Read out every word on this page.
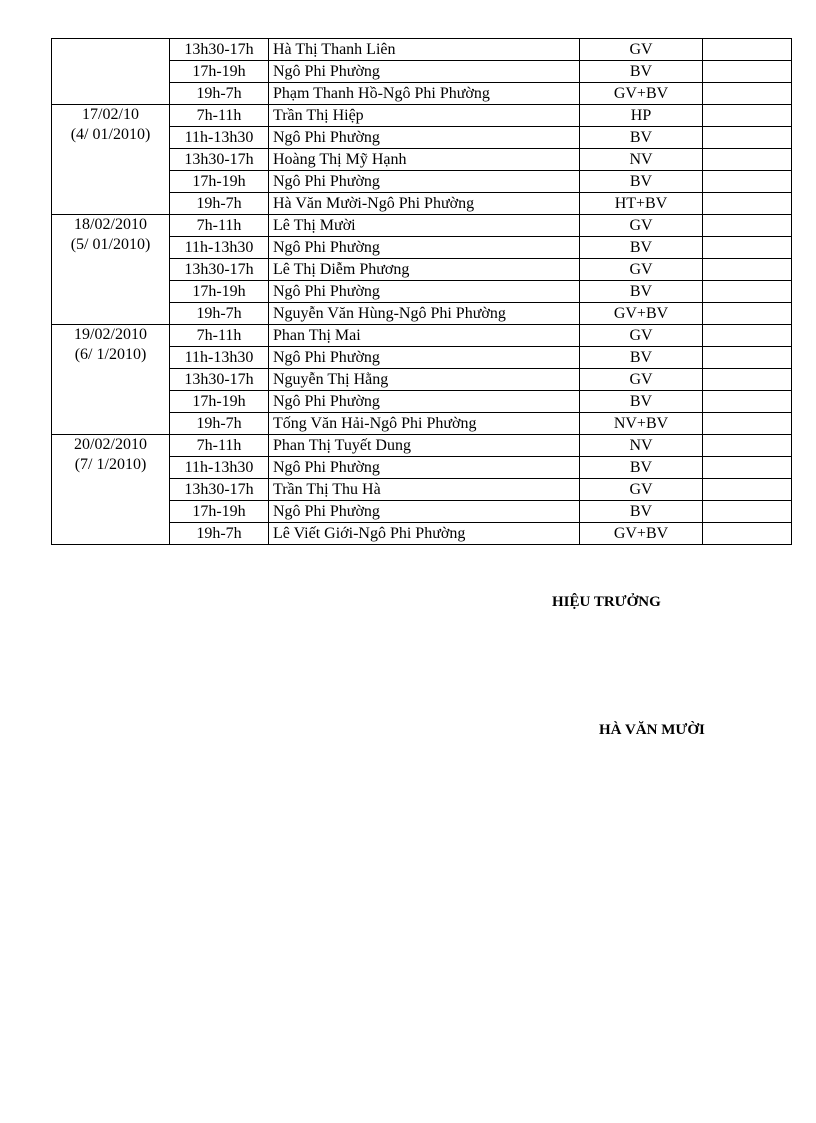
	13h30-17h	Hà Thị Thanh Liên	GV	
	17h-19h	Ngô Phi Phường	BV	
	19h-7h	Phạm Thanh Hồ-Ngô Phi Phường	GV+BV	

17/02/10
(4/ 01/2010)	7h-11h	Trần Thị Hiệp	HP	
	11h-13h30	Ngô Phi Phường	BV	
	13h30-17h	Hoàng Thị Mỹ Hạnh	NV	
	17h-19h	Ngô Phi Phường	BV	
	19h-7h	Hà Văn Mười-Ngô Phi Phường	HT+BV	

18/02/2010
(5/ 01/2010)	7h-11h	Lê Thị Mười	GV	
	11h-13h30	Ngô Phi Phường	BV	
	13h30-17h	Lê Thị Diễm Phương	GV	
	17h-19h	Ngô Phi Phường	BV	
	19h-7h	Nguyễn Văn Hùng-Ngô Phi Phường	GV+BV	

19/02/2010
(6/ 1/2010)	7h-11h	Phan Thị Mai	GV	
	11h-13h30	Ngô Phi Phường	BV	
	13h30-17h	Nguyễn Thị Hằng	GV	
	17h-19h	Ngô Phi Phường	BV	
	19h-7h	Tống Văn Hải-Ngô Phi Phường	NV+BV	

20/02/2010
(7/ 1/2010)	7h-11h	Phan Thị Tuyết Dung	NV	
	11h-13h30	Ngô Phi Phường	BV	
	13h30-17h	Trần Thị Thu Hà	GV	
	17h-19h	Ngô Phi Phường	BV	
	19h-7h	Lê Viết Giới-Ngô Phi Phường	GV+BV	
HIỆU TRƯỞNG
HÀ VĂN MƯỜI
